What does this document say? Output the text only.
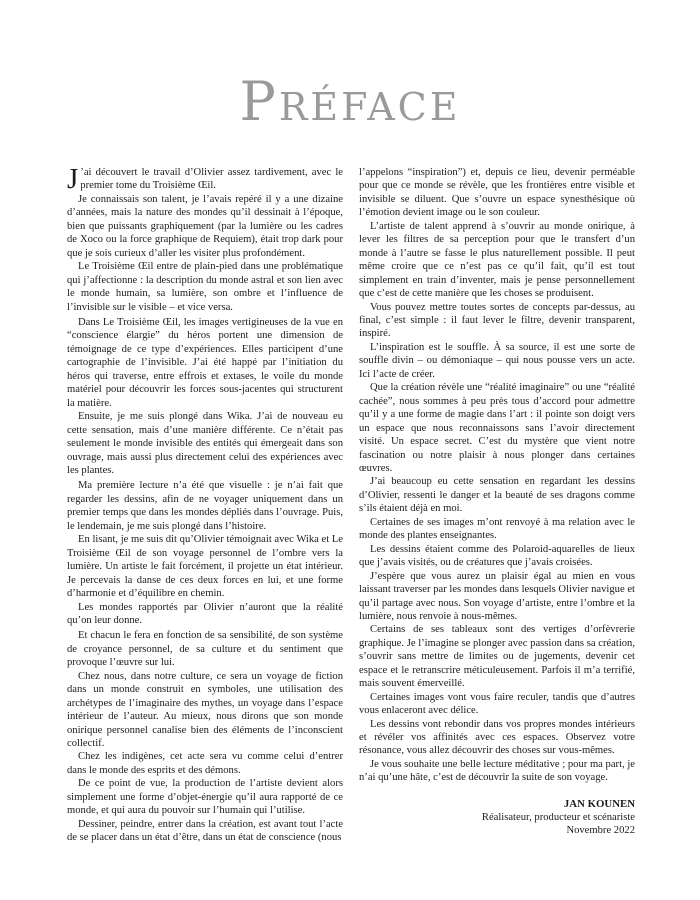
Préface

J ’ai découvert le travail d’Olivier assez tardivement, avec le premier tome du Troisième Œil.

Je connaissais son talent, je l’avais repéré il y a une dizaine d’années, mais la nature des mondes qu’il dessinait à l’époque, bien que puissants graphiquement (par la lumière ou les cadres de Xoco ou la force graphique de Requiem), était trop dark pour que je sois curieux d’aller les visiter plus profondément.

Le Troisième Œil entre de plain-pied dans une problématique qui j’affectionne : la description du monde astral et son lien avec le monde humain, sa lumière, son ombre et l’influence de l’invisible sur le visible – et vice versa.

Dans Le Troisième Œil, les images vertigineuses de la vue en “conscience élargie” du héros portent une dimension de témoignage de ce type d’expériences. Elles participent d’une cartographie de l’invisible. J’ai été happé par l’initiation du héros qui traverse, entre effrois et extases, le voile du monde matériel pour découvrir les forces sous-jacentes qui structurent la matière.

Ensuite, je me suis plongé dans Wika. J’ai de nouveau eu cette sensation, mais d’une manière différente. Ce n’était pas seulement le monde invisible des entités qui émergeait dans son ouvrage, mais aussi plus directement celui des expériences avec les plantes.

Ma première lecture n’a été que visuelle : je n’ai fait que regarder les dessins, afin de ne voyager uniquement dans un premier temps que dans les mondes dépliés dans l’ouvrage. Puis, le lendemain, je me suis plongé dans l’histoire.

En lisant, je me suis dit qu’Olivier témoignait avec Wika et Le Troisième Œil de son voyage personnel de l’ombre vers la lumière. Un artiste le fait forcément, il projette un état intérieur. Je percevais la danse de ces deux forces en lui, et une forme d’harmonie et d’équilibre en chemin.

Les mondes rapportés par Olivier n’auront que la réalité qu’on leur donne.

Et chacun le fera en fonction de sa sensibilité, de son système de croyance personnel, de sa culture et du sentiment que provoque l’œuvre sur lui.

Chez nous, dans notre culture, ce sera un voyage de fiction dans un monde construit en symboles, une utilisation des archétypes de l’imaginaire des mythes, un voyage dans l’espace intérieur de l’auteur. Au mieux, nous dirons que son monde onirique personnel canalise bien des éléments de l’inconscient collectif.

Chez les indigènes, cet acte sera vu comme celui d’entrer dans le monde des esprits et des démons.

De ce point de vue, la production de l’artiste devient alors simplement une forme d’objet-énergie qu’il aura rapporté de ce monde, et qui aura du pouvoir sur l’humain qui l’utilise.

Dessiner, peindre, entrer dans la création, est avant tout l’acte de se placer dans un état d’être, dans un état de conscience (nous

l’appelons “inspiration”) et, depuis ce lieu, devenir perméable pour que ce monde se révèle, que les frontières entre visible et invisible se diluent. Que s’ouvre un espace synesthésique où l’émotion devient image ou le son couleur.

L’artiste de talent apprend à s’ouvrir au monde onirique, à lever les filtres de sa perception pour que le transfert d’un monde à l’autre se fasse le plus naturellement possible. Il peut même croire que ce n’est pas ce qu’il fait, qu’il est tout simplement en train d’inventer, mais je pense personnellement que c’est de cette manière que les choses se produisent.

Vous pouvez mettre toutes sortes de concepts par-dessus, au final, c’est simple : il faut lever le filtre, devenir transparent, inspiré.

L’inspiration est le souffle. À sa source, il est une sorte de souffle divin – ou démoniaque – qui nous pousse vers un acte. Ici l’acte de créer.

Que la création révèle une “réalité imaginaire” ou une “réalité cachée”, nous sommes à peu près tous d’accord pour admettre qu’il y a une forme de magie dans l’art : il pointe son doigt vers un espace que nous reconnaissons sans l’avoir directement visité. Un espace secret. C’est du mystère que vient notre fascination ou notre plaisir à nous plonger dans certaines œuvres.

J’ai beaucoup eu cette sensation en regardant les dessins d’Olivier, ressenti le danger et la beauté de ses dragons comme s’ils étaient déjà en moi.

Certaines de ses images m’ont renvoyé à ma relation avec le monde des plantes enseignantes.

Les dessins étaient comme des Polaroid-aquarelles de lieux que j’avais visités, ou de créatures que j’avais croisées.

J’espère que vous aurez un plaisir égal au mien en vous laissant traverser par les mondes dans lesquels Olivier navigue et qu’il partage avec nous. Son voyage d’artiste, entre l’ombre et la lumière, nous renvoie à nous-mêmes.

Certains de ses tableaux sont des vertiges d’orfèvrerie graphique. Je l’imagine se plonger avec passion dans sa création, s’ouvrir sans mettre de limites ou de jugements, devenir cet espace et le retranscrire méticuleusement. Parfois il m’a terrifié, mais souvent émerveillé.

Certaines images vont vous faire reculer, tandis que d’autres vous enlaceront avec délice.

Les dessins vont rebondir dans vos propres mondes intérieurs et révéler vos affinités avec ces espaces. Observez votre résonance, vous allez découvrir des choses sur vous-mêmes.

Je vous souhaite une belle lecture méditative ; pour ma part, je n’ai qu’une hâte, c’est de découvrir la suite de son voyage.

JAN KOUNEN
Réalisateur, producteur et scénariste
Novembre 2022
